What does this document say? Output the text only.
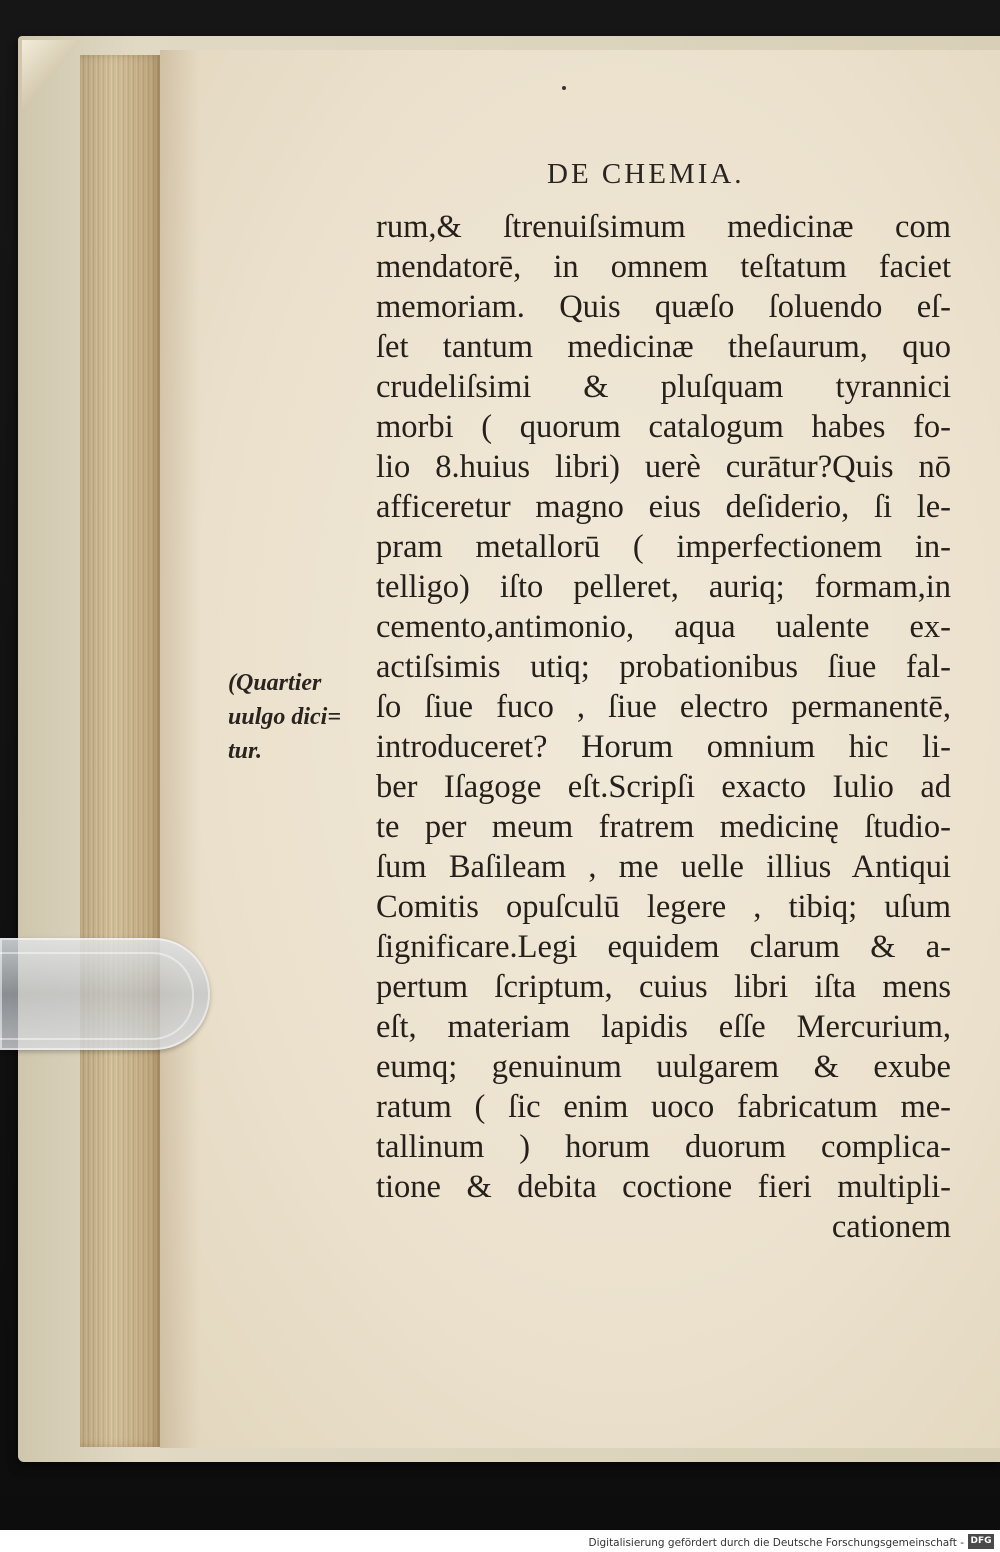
DE CHEMIA.
rum,& ſtrenuiſsimum medicinæ com
mendatorē, in omnem teſtatum faciet
memoriam. Quis quæſo ſoluendo eſ-
ſet tantum medicinæ theſaurum, quo
crudeliſsimi & pluſquam tyrannici
morbi ( quorum catalogum habes fo-
lio 8.huius libri) uerè curātur?Quis nō
afficeretur magno eius deſiderio, ſi le-
pram metallorū ( imperfectionem in-
telligo) iſto pelleret, auriq; formam,in
cemento,antimonio, aqua ualente ex-
actiſsimis utiq; probationibus ſiue fal-
ſo ſiue fuco , ſiue electro permanentē,
introduceret? Horum omnium hic li-
ber Iſagoge eſt.Scripſi exacto Iulio ad
te per meum fratrem medicinę ſtudio-
ſum Baſileam , me uelle illius Antiqui
Comitis opuſculū legere , tibiq; uſum
ſignificare.Legi equidem clarum & a-
pertum ſcriptum, cuius libri iſta mens
eſt, materiam lapidis eſſe Mercurium,
eumq; genuinum uulgarem & exube
ratum ( ſic enim uoco fabricatum me-
tallinum ) horum duorum complica-
tione & debita coctione fieri multipli-
cationem
(Quartier
uulgo dici=
tur.
Digitalisierung gefördert durch die Deutsche Forschungsgemeinschaft - DFG
